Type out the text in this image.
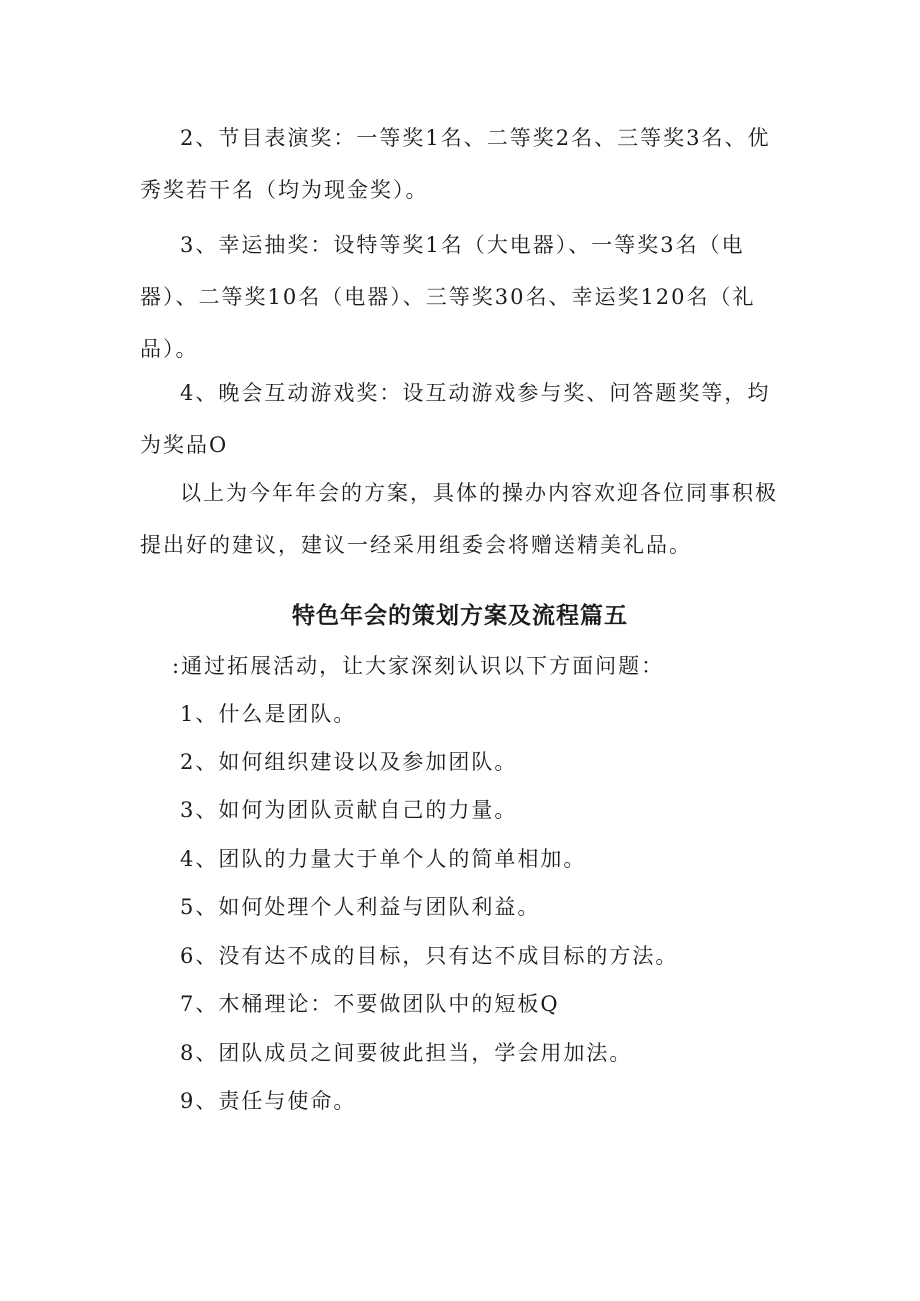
2、节目表演奖：一等奖1名、二等奖2名、三等奖3名、优秀奖若干名（均为现金奖）。

3、幸运抽奖：设特等奖1名（大电器）、一等奖3名（电器）、二等奖10名（电器）、三等奖30名、幸运奖120名（礼品）。

4、晚会互动游戏奖：设互动游戏参与奖、问答题奖等，均为奖品O

以上为今年年会的方案，具体的操办内容欢迎各位同事积极提出好的建议，建议一经采用组委会将赠送精美礼品。

特色年会的策划方案及流程篇五

:通过拓展活动，让大家深刻认识以下方面问题：

1、什么是团队。

2、如何组织建设以及参加团队。

3、如何为团队贡献自己的力量。

4、团队的力量大于单个人的简单相加。

5、如何处理个人利益与团队利益。

6、没有达不成的目标，只有达不成目标的方法。

7、木桶理论：不要做团队中的短板Q

8、团队成员之间要彼此担当，学会用加法。

9、责任与使命。
